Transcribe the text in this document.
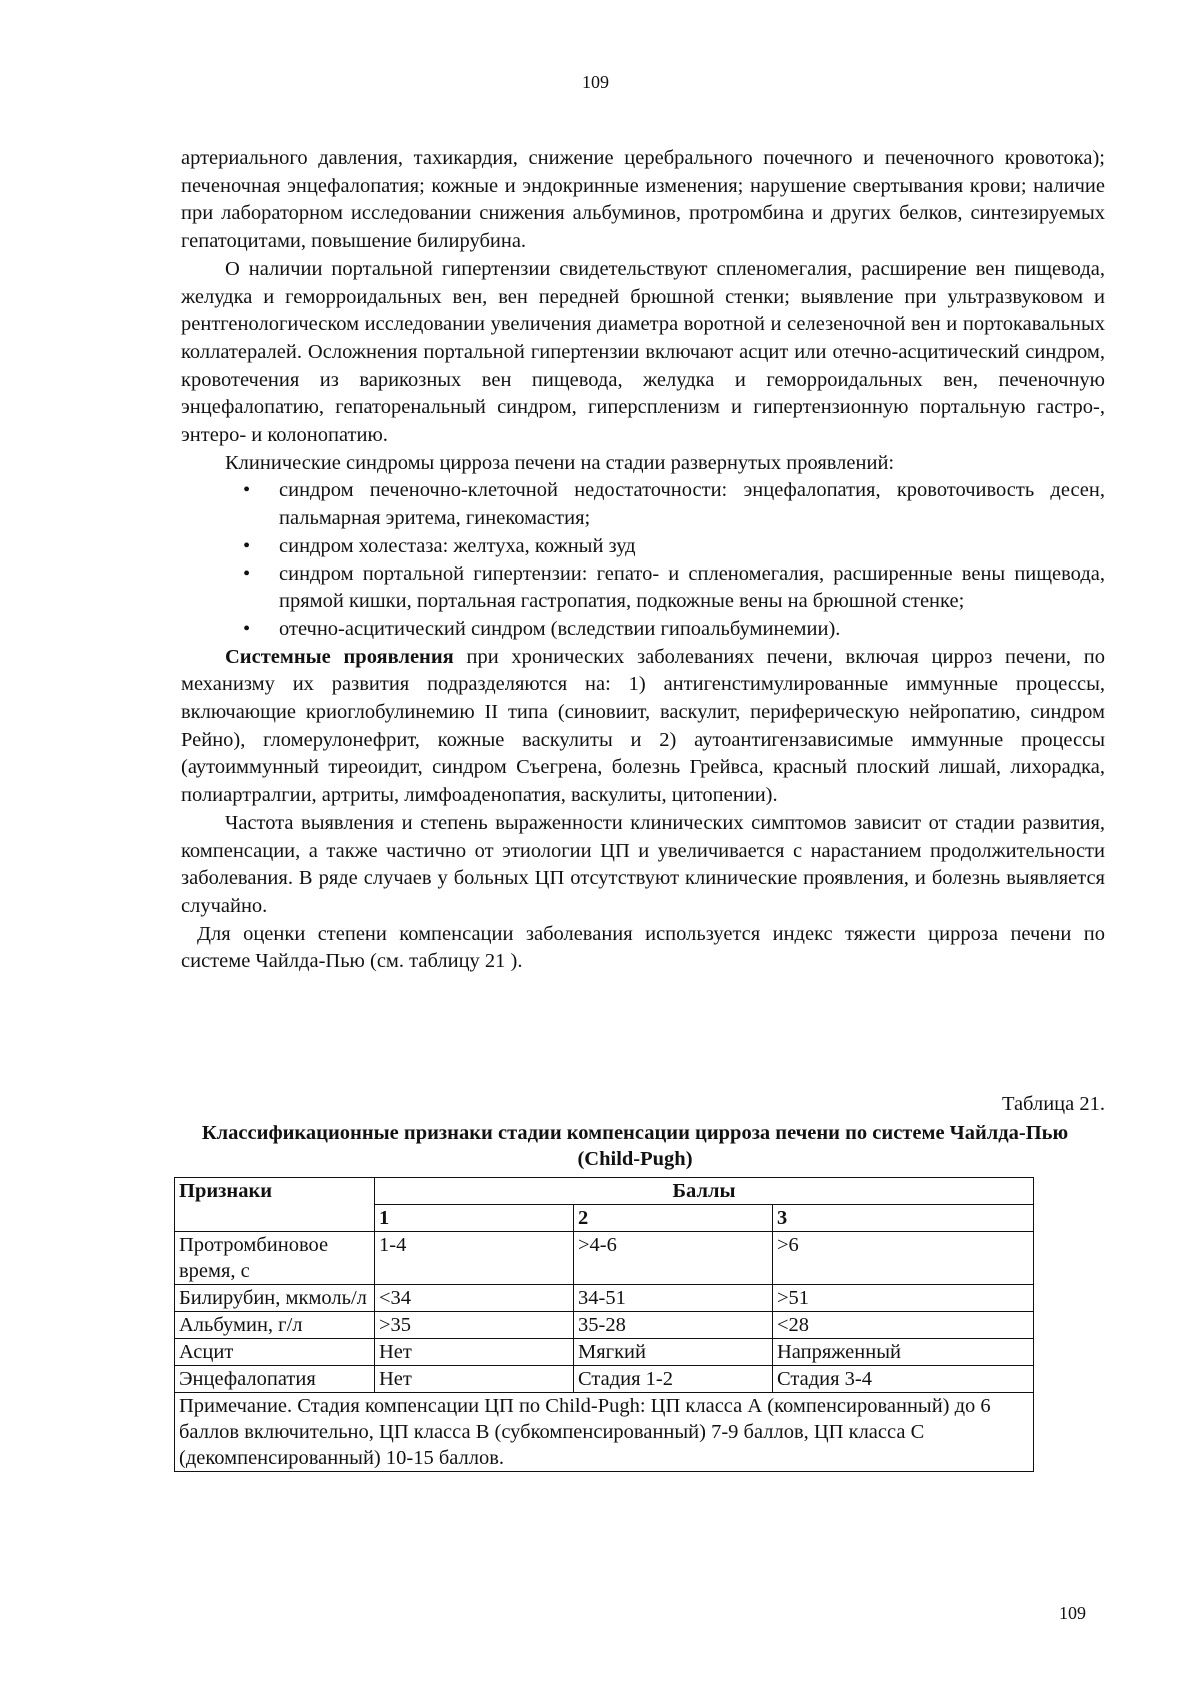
109

артериального давления, тахикардия, снижение церебрального почечного и печеночного кровотока); печеночная энцефалопатия; кожные и эндокринные изменения; нарушение свертывания крови; наличие при лабораторном исследовании снижения альбуминов, протромбина и других белков, синтезируемых гепатоцитами, повышение билирубина.

О наличии портальной гипертензии свидетельствуют спленомегалия, расширение вен пищевода, желудка и геморроидальных вен, вен передней брюшной стенки; выявление при ультразвуковом и рентгенологическом исследовании увеличения диаметра воротной и селезеночной вен и портокавальных коллатералей. Осложнения портальной гипертензии включают асцит или отечно-асцитический синдром, кровотечения из варикозных вен пищевода, желудка и геморроидальных вен, печеночную энцефалопатию, гепаторенальный синдром, гиперспленизм и гипертензионную портальную гастро-, энтеро- и колонопатию.

Клинические синдромы цирроза печени на стадии развернутых проявлений:

• синдром печеночно-клеточной недостаточности: энцефалопатия, кровоточивость десен, пальмарная эритема, гинекомастия;
• синдром холестаза: желтуха, кожный зуд
• синдром портальной гипертензии: гепато- и спленомегалия, расширенные вены пищевода, прямой кишки, портальная гастропатия, подкожные вены на брюшной стенке;
• отечно-асцитический синдром (вследствии гипоальбуминемии).

Системные проявления при хронических заболеваниях печени, включая цирроз печени, по механизму их развития подразделяются на: 1) антигенстимулированные иммунные процессы, включающие криоглобулинемию II типа (синовиит, васкулит, периферическую нейропатию, синдром Рейно), гломерулонефрит, кожные васкулиты и 2) аутоантигензависимые иммунные процессы (аутоиммунный тиреоидит, синдром Съегрена, болезнь Грейвса, красный плоский лишай, лихорадка, полиартралгии, артриты, лимфоаденопатия, васкулиты, цитопении).

Частота выявления и степень выраженности клинических симптомов зависит от стадии развития, компенсации, а также частично от этиологии ЦП и увеличивается с нарастанием продолжительности заболевания. В ряде случаев у больных ЦП отсутствуют клинические проявления, и болезнь выявляется случайно.

Для оценки степени компенсации заболевания используется индекс тяжести цирроза печени по системе Чайлда-Пью (см. таблицу 21 ).

Таблица 21.
Классификационные признаки стадии компенсации цирроза печени по системе Чайлда-Пью (Child-Pugh)
Признаки	Баллы		
	1	2	3
Протромбиновое время, с	1-4	>4-6	>6
Билирубин, мкмоль/л	<34	34-51	>51
Альбумин, г/л	>35	35-28	<28
Асцит	Нет	Мягкий	Напряженный
Энцефалопатия	Нет	Стадия 1-2	Стадия 3-4
Примечание. Стадия компенсации ЦП по Child-Pugh: ЦП класса А (компенсированный) до 6 баллов включительно, ЦП класса В (субкомпенсированный) 7-9 баллов, ЦП класса С (декомпенсированный) 10-15 баллов.			
109
